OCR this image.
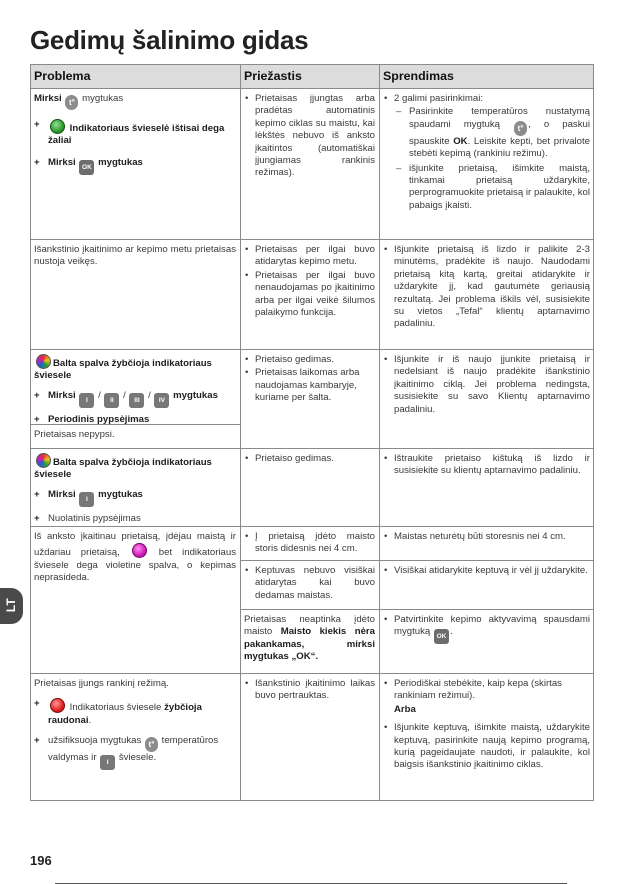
Gedimų šalinimo gidas
Problema	Priežastis	Sprendimas
Mirksi t° mygtukas
+	Indikatoriaus švieselė ištisai dega žaliai
+ Mirksi OK mygtukas
• Prietaisas įjungtas arba pradėtas automatinis kepimo ciklas su maistu, kai lėkštės nebuvo iš anksto įkaitintos (automatiškai įjungiamas rankinis režimas).
• 2 galimi pasirinkimai:
– Pasirinkite temperatūros nustatymą spaudami mygtuką t° , o paskui spauskite OK. Leiskite kepti, bet privalote stebėti kepimą (rankiniu režimu).
– išjunkite prietaisą, išimkite maistą, tinkamai prietaisą uždarykite, perprogramuokite prietaisą ir palaukite, kol pabaigs įkaisti.
Išankstinio įkaitinimo ar kepimo metu prietaisas nustoja veikęs.
• Prietaisas per ilgai buvo atidarytas kepimo metu.
• Prietaisas per ilgai buvo nenaudojamas po įkaitinimo arba per ilgai veikė šilumos palaikymo funkcija.
• Išjunkite prietaisą iš lizdo ir palikite 2-3 minutėms, pradėkite iš naujo. Naudodami prietaisą kitą kartą, greitai atidarykite ir uždarykite jį, kad gautumėte geriausią rezultatą. Jei problema iškils vėl, susisiekite su vietos „Tefal“ klientų aptarnavimo padaliniu.
Balta spalva žybčioja indikatoriaus šviesele
+ Mirksi I / II / III / IV mygtukas
+ Periodinis pypsėjimas
Prietaisas nepypsi.
• Prietaiso gedimas.
• Prietaisas laikomas arba naudojamas kambaryje, kuriame per šalta.
• Išjunkite ir iš naujo įjunkite prietaisą ir nedelsiant iš naujo pradėkite išankstinio įkaitinimo ciklą. Jei problema nedingsta, susisiekite su savo Klientų aptarnavimo padaliniu.
Balta spalva žybčioja indikatoriaus šviesele
+ Mirksi I mygtukas
+ Nuolatinis pypsėjimas
• Prietaiso gedimas.
•	Ištraukite prietaiso kištuką iš lizdo ir susisiekite su klientų aptarnavimo padaliniu.
Iš anksto įkaitinau prietaisą, įdėjau maistą ir uždariau prietaisą,	bet indikatoriaus šviesele dega violetine spalva, o kepimas neprasideda.
• Į prietaisą įdėto maisto storis didesnis nei 4 cm.
• Maistas neturėtų būti storesnis nei 4 cm.
• Keptuvas nebuvo visiškai atidarytas kai buvo dedamas maistas.
• Visiškai atidarykite keptuvą ir vėl jį uždarykite.
Prietaisas neaptinka įdėto maisto Maisto kiekis nėra pakankamas, mirksi mygtukas „OK“.
• Patvirtinkite kepimo aktyvavimą spausdami mygtuką OK .
Prietaisas įjungs rankinį režimą.
+	Indikatoriaus šviesele žybčioja raudonai.
+ užsifiksuoja mygtukas t° temperatūros valdymas ir I šviesele.
• Išankstinio įkaitinimo laikas buvo pertrauktas.
• Periodiškai stebėkite, kaip kepa (skirtas rankiniam režimui).
Arba
• Išjunkite keptuvą, išimkite maistą, uždarykite keptuvą, pasirinkite naują kepimo programą, kurią pageidaujate naudoti, ir palaukite, kol baigsis išankstinio įkaitinimo ciklas.
LT
196
